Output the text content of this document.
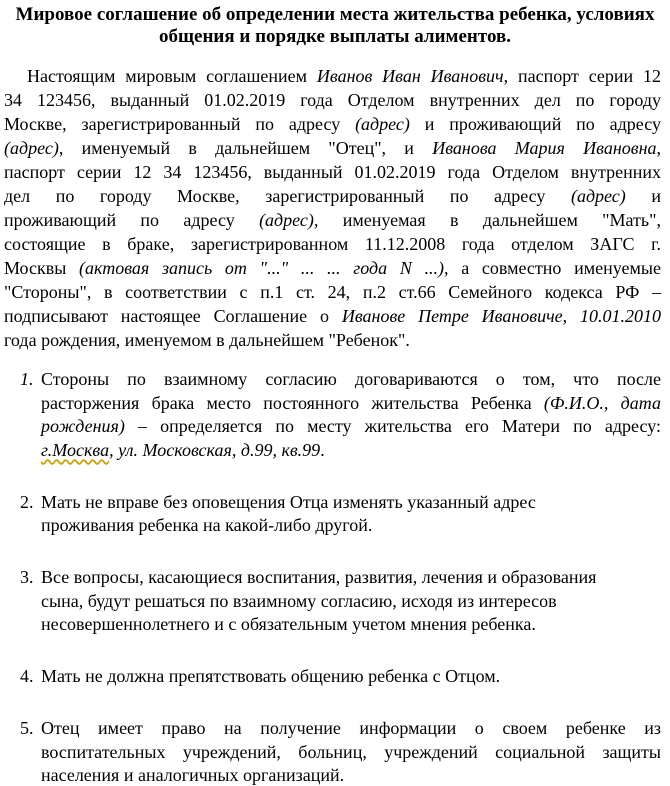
Мировое соглашение об определении места жительства ребенка, условиях
общения и порядке выплаты алиментов.
Настоящим мировым соглашением Иванов Иван Иванович, паспорт серии 12
34 123456, выданный 01.02.2019 года Отделом внутренних дел по городу
Москве, зарегистрированный по адресу (адрес) и проживающий по адресу
(адрес), именуемый в дальнейшем "Отец", и Иванова Мария Ивановна,
паспорт серии 12 34 123456, выданный 01.02.2019 года Отделом внутренних
дел по городу Москве, зарегистрированный по адресу (адрес) и
проживающий по адресу (адрес), именуемая в дальнейшем "Мать",
состоящие в браке, зарегистрированном 11.12.2008 года отделом ЗАГС г.
Москвы (актовая запись от "..." ... ... года N ...), а совместно именуемые
"Стороны", в соответствии с п.1 ст. 24, п.2 ст.66 Семейного кодекса РФ –
подписывают настоящее Соглашение о Иванове Петре Ивановиче, 10.01.2010
года рождения, именуемом в дальнейшем "Ребенок".
1. Стороны по взаимному согласию договариваются о том, что после
расторжения брака место постоянного жительства Ребенка (Ф.И.О., дата
рождения) – определяется по месту жительства его Матери по адресу:
г.Москва, ул. Московская, д.99, кв.99.
2. Мать не вправе без оповещения Отца изменять указанный адрес
проживания ребенка на какой-либо другой.
3. Все вопросы, касающиеся воспитания, развития, лечения и образования
сына, будут решаться по взаимному согласию, исходя из интересов
несовершеннолетнего и с обязательным учетом мнения ребенка.
4. Мать не должна препятствовать общению ребенка с Отцом.
5. Отец имеет право на получение информации о своем ребенке из
воспитательных учреждений, больниц, учреждений социальной защиты
населения и аналогичных организаций.
